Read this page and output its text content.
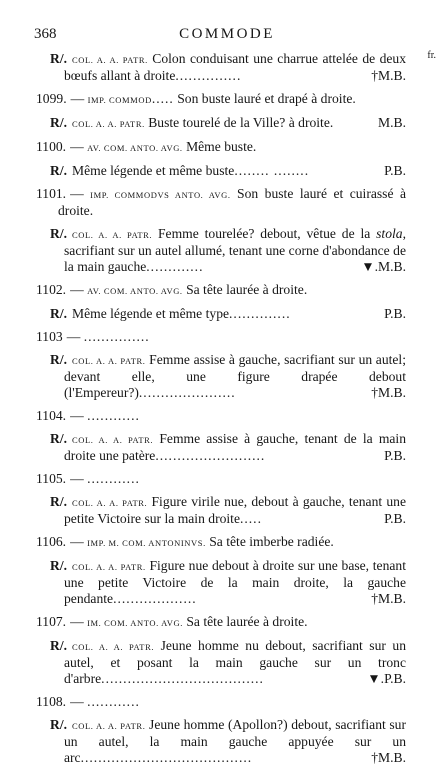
368	COMMODE
fr.
R/. COL. A. A. PATR. Colon conduisant une charrue attelée de deux bœufs allant à droite...............	†M.B.
1099. — IMP. COMMOD..... Son buste lauré et drapé à droite.
R/. COL. A. A. PATR. Buste tourelé de la Ville? à droite.	M.B.
1100. — AV. COM. ANTO. AVG. Même buste.
R/. Même légende et même buste........ ........	P.B.
1101. — IMP. COMMODVS ANTO. AVG. Son buste lauré et cuirassé à droite.
R/. COL. A. A. PATR. Femme tourelée? debout, vêtue de la stola, sacrifiant sur un autel allumé, tenant une corne d'abondance de la main gauche.............	▼.M.B.
1102. — AV. COM. ANTO. AVG. Sa tête laurée à droite.
R/. Même légende et même type..............	P.B.
1103 — ...............
R/. COL. A. A. PATR. Femme assise à gauche, sacrifiant sur un autel; devant elle, une figure drapée debout (l'Empereur?)......................	†M.B.
1104. — ............
R/. COL. A. A. PATR. Femme assise à gauche, tenant de la main droite une patère.........................	P.B.
1105. — ............
R/. COL. A. A. PATR. Figure virile nue, debout à gauche, tenant une petite Victoire sur la main droite.....	P.B.
1106. — IMP. M. COM. ANTONINVS. Sa tête imberbe radiée.
R/. COL. A. A. PATR. Figure nue debout à droite sur une base, tenant une petite Victoire de la main droite, la gauche pendante...................	†M.B.
1107. — IM. COM. ANTO. AVG. Sa tête laurée à droite.
R/. COL. A. A. PATR. Jeune homme nu debout, sacrifiant sur un autel, et posant la main gauche sur un tronc d'arbre.....................................	▼.P.B.
1108. — ............
R/. COL. A. A. PATR. Jeune homme (Apollon?) debout, sacrifiant sur un autel, la main gauche appuyée sur un arc.......................................	†M.B.
